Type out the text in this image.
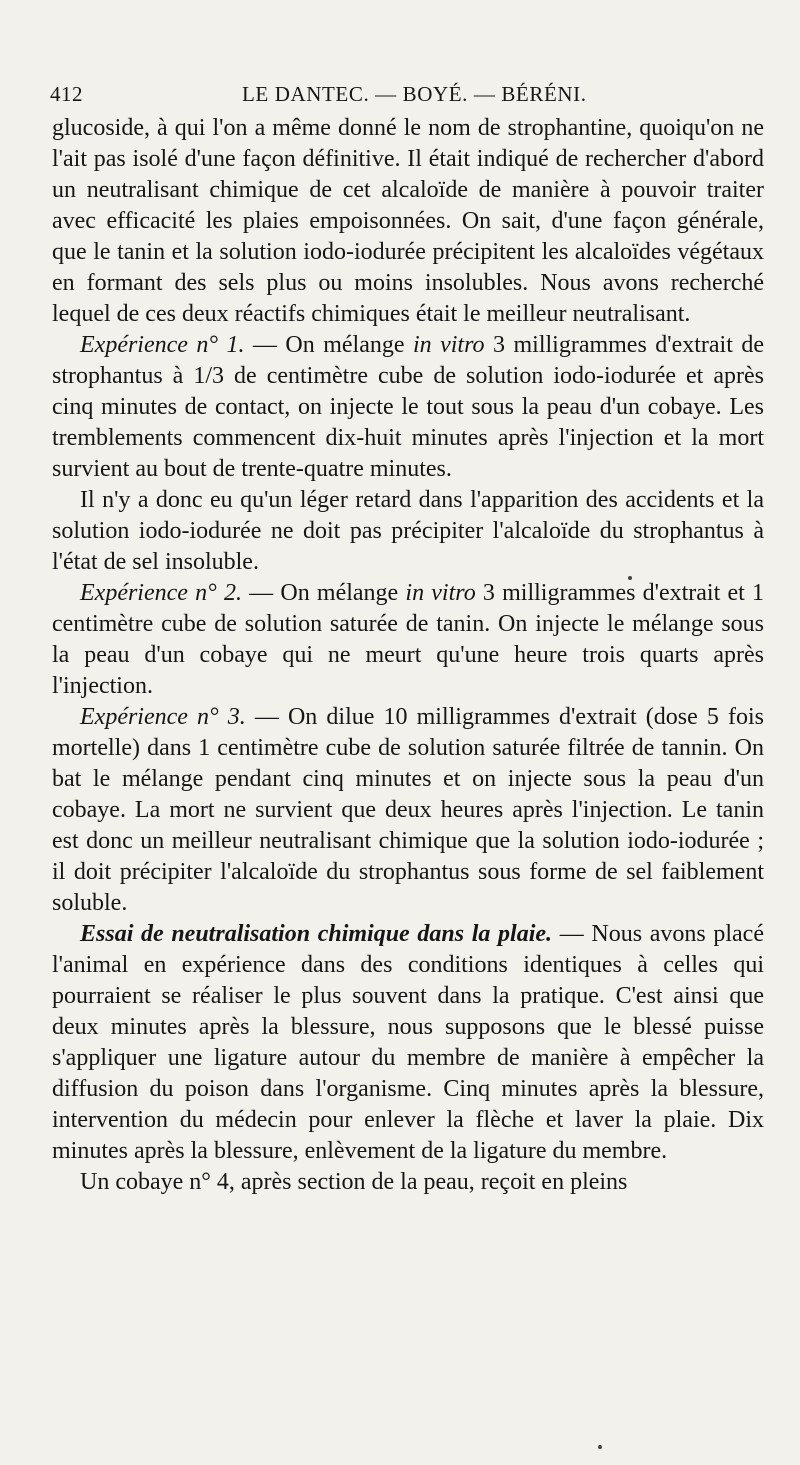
412	LE DANTEC. — BOYÉ. — BÉRÉNI.

glucoside, à qui l'on a même donné le nom de strophantine, quoiqu'on ne l'ait pas isolé d'une façon définitive. Il était indiqué de rechercher d'abord un neutralisant chimique de cet alcaloïde de manière à pouvoir traiter avec efficacité les plaies empoisonnées. On sait, d'une façon générale, que le tanin et la solution iodo-iodurée précipitent les alcaloïdes végétaux en formant des sels plus ou moins insolubles. Nous avons recherché lequel de ces deux réactifs chimiques était le meilleur neutralisant.

Expérience n° 1. — On mélange in vitro 3 milligrammes d'extrait de strophantus à 1/3 de centimètre cube de solution iodo-iodurée et après cinq minutes de contact, on injecte le tout sous la peau d'un cobaye. Les tremblements commencent dix-huit minutes après l'injection et la mort survient au bout de trente-quatre minutes.

Il n'y a donc eu qu'un léger retard dans l'apparition des accidents et la solution iodo-iodurée ne doit pas précipiter l'alcaloïde du strophantus à l'état de sel insoluble.

Expérience n° 2. — On mélange in vitro 3 milligrammes d'extrait et 1 centimètre cube de solution saturée de tanin. On injecte le mélange sous la peau d'un cobaye qui ne meurt qu'une heure trois quarts après l'injection.

Expérience n° 3. — On dilue 10 milligrammes d'extrait (dose 5 fois mortelle) dans 1 centimètre cube de solution saturée filtrée de tannin. On bat le mélange pendant cinq minutes et on injecte sous la peau d'un cobaye. La mort ne survient que deux heures après l'injection. Le tanin est donc un meilleur neutralisant chimique que la solution iodo-iodurée ; il doit précipiter l'alcaloïde du strophantus sous forme de sel faiblement soluble.

Essai de neutralisation chimique dans la plaie. — Nous avons placé l'animal en expérience dans des conditions identiques à celles qui pourraient se réaliser le plus souvent dans la pratique. C'est ainsi que deux minutes après la blessure, nous supposons que le blessé puisse s'appliquer une ligature autour du membre de manière à empêcher la diffusion du poison dans l'organisme. Cinq minutes après la blessure, intervention du médecin pour enlever la flèche et laver la plaie. Dix minutes après la blessure, enlèvement de la ligature du membre.

Un cobaye n° 4, après section de la peau, reçoit en pleins
